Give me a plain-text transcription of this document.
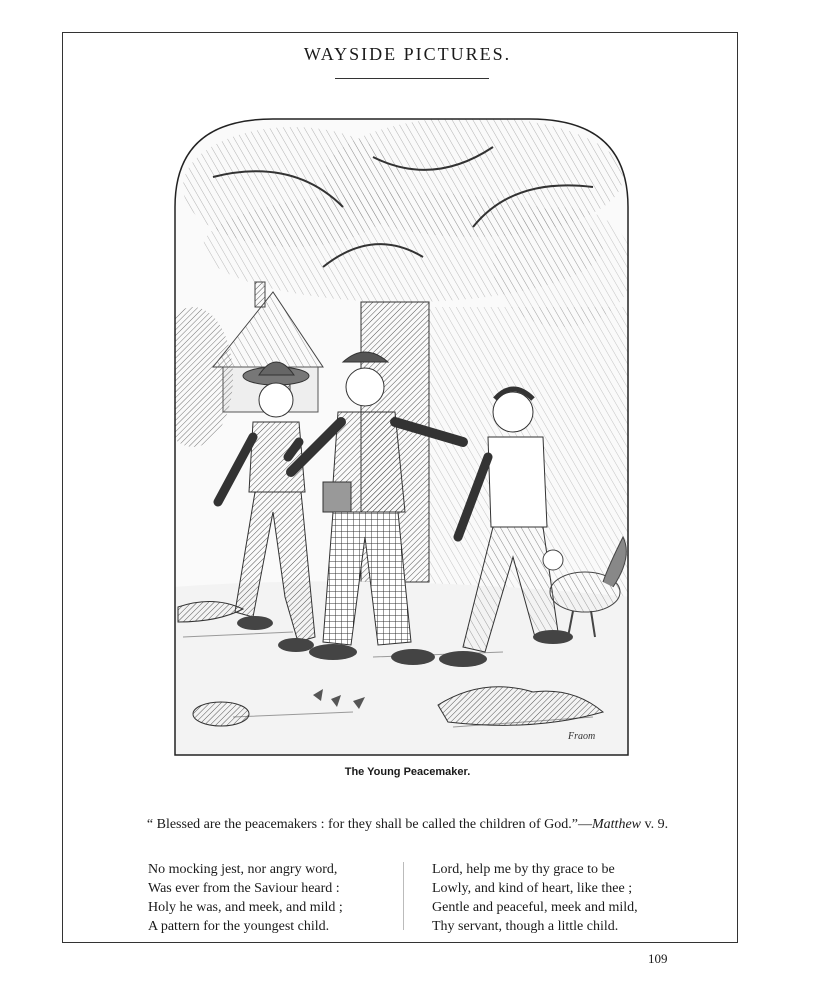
WAYSIDE PICTURES.
Fraom
The Young Peacemaker.
“ Blessed are the peacemakers : for they shall be called the children of God.”—Matthew v. 9.
No mocking jest, nor angry word,
Was ever from the Saviour heard :
Holy he was, and meek, and mild ;
A pattern for the youngest child.
Lord, help me by thy grace to be
Lowly, and kind of heart, like thee ;
Gentle and peaceful, meek and mild,
Thy servant, though a little child.
109
